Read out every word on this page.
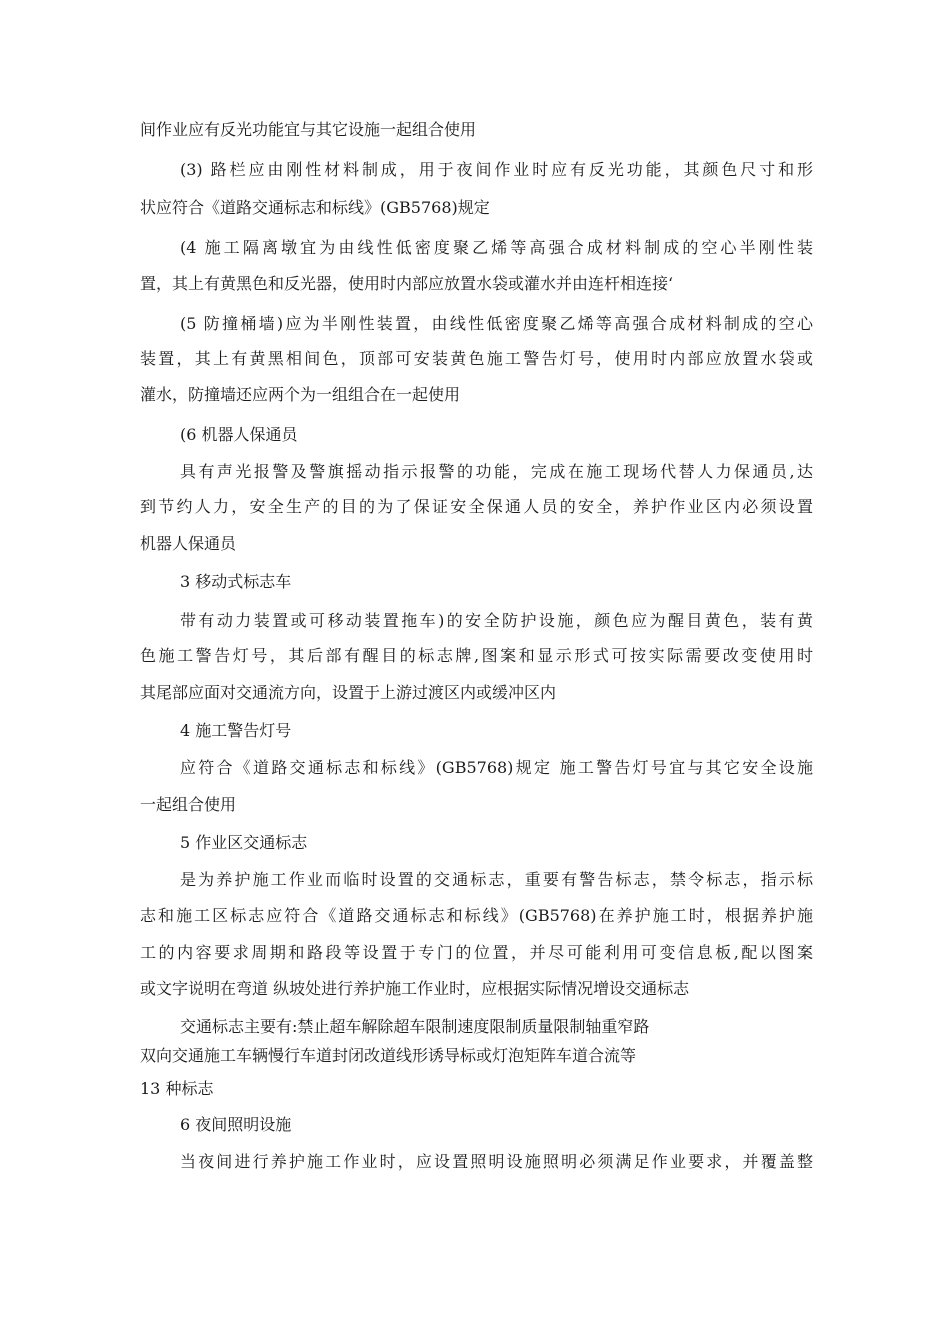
间作业应有反光功能宜与其它设施一起组合使用
(3) 路栏应由刚性材料制成，用于夜间作业时应有反光功能，其颜色尺寸和形
状应符合《道路交通标志和标线》(GB5768)规定
(4 施工隔离墩宜为由线性低密度聚乙烯等高强合成材料制成的空心半刚性装
置，其上有黄黑色和反光器，使用时内部应放置水袋或灌水并由连杆相连接‘
(5 防撞桶墙)应为半刚性装置，由线性低密度聚乙烯等高强合成材料制成的空心
装置，其上有黄黑相间色，顶部可安装黄色施工警告灯号，使用时内部应放置水袋或
灌水，防撞墙还应两个为一组组合在一起使用
(6 机器人保通员
具有声光报警及警旗摇动指示报警的功能，完成在施工现场代替人力保通员,达
到节约人力，安全生产的目的为了保证安全保通人员的安全，养护作业区内必须设置
机器人保通员
3 移动式标志车
带有动力装置或可移动装置拖车)的安全防护设施，颜色应为醒目黄色，装有黄
色施工警告灯号，其后部有醒目的标志牌,图案和显示形式可按实际需要改变使用时
其尾部应面对交通流方向，设置于上游过渡区内或缓冲区内
4 施工警告灯号
应符合《道路交通标志和标线》(GB5768)规定 施工警告灯号宜与其它安全设施
一起组合使用
5 作业区交通标志
是为养护施工作业而临时设置的交通标志，重要有警告标志，禁令标志，指示标
志和施工区标志应符合《道路交通标志和标线》(GB5768)在养护施工时，根据养护施
工的内容要求周期和路段等设置于专门的位置，并尽可能利用可变信息板,配以图案
或文字说明在弯道 纵坡处进行养护施工作业时，应根据实际情况增设交通标志
交通标志主要有:禁止超车解除超车限制速度限制质量限制轴重窄路
双向交通施工车辆慢行车道封闭改道线形诱导标或灯泡矩阵车道合流等
13 种标志
6 夜间照明设施
当夜间进行养护施工作业时，应设置照明设施照明必须满足作业要求，并覆盖整
